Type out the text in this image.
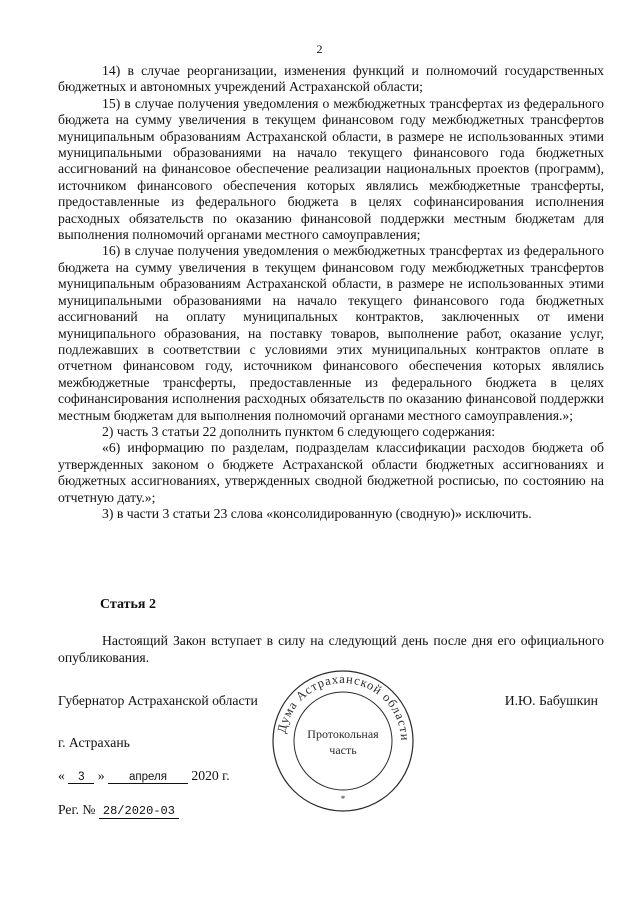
2

14) в случае реорганизации, изменения функций и полномочий государственных бюджетных и автономных учреждений Астраханской области;

15) в случае получения уведомления о межбюджетных трансфертах из федерального бюджета на сумму увеличения в текущем финансовом году межбюджетных трансфертов муниципальным образованиям Астраханской области, в размере не использованных этими муниципальными образованиями на начало текущего финансового года бюджетных ассигнований на финансовое обеспечение реализации национальных проектов (программ), источником финансового обеспечения которых являлись межбюджетные трансферты, предоставленные из федерального бюджета в целях софинансирования исполнения расходных обязательств по оказанию финансовой поддержки местным бюджетам для выполнения полномочий органами местного самоуправления;

16) в случае получения уведомления о межбюджетных трансфертах из федерального бюджета на сумму увеличения в текущем финансовом году межбюджетных трансфертов муниципальным образованиям Астраханской области, в размере не использованных этими муниципальными образованиями на начало текущего финансового года бюджетных ассигнований на оплату муниципальных контрактов, заключенных от имени муниципального образования, на поставку товаров, выполнение работ, оказание услуг, подлежавших в соответствии с условиями этих муниципальных контрактов оплате в отчетном финансовом году, источником финансового обеспечения которых являлись межбюджетные трансферты, предоставленные из федерального бюджета в целях софинансирования исполнения расходных обязательств по оказанию финансовой поддержки местным бюджетам для выполнения полномочий органами местного самоуправления.»;

2) часть 3 статьи 22 дополнить пунктом 6 следующего содержания:

«6) информацию по разделам, подразделам классификации расходов бюджета об утвержденных законом о бюджете Астраханской области бюджетных ассигнованиях и бюджетных ассигнованиях, утвержденных сводной бюджетной росписью, по состоянию на отчетную дату.»;

3) в части 3 статьи 23 слова «консолидированную (сводную)» исключить.

Статья 2
Настоящий Закон вступает в силу на следующий день после дня его официального опубликования.
Губернатор Астраханской области	И.Ю. Бабушкин
г. Астрахань
« 3 » апреля 2020 г.
Рег. № 28/2020-03
Дума Астраханской области
Протокольная
часть
*
